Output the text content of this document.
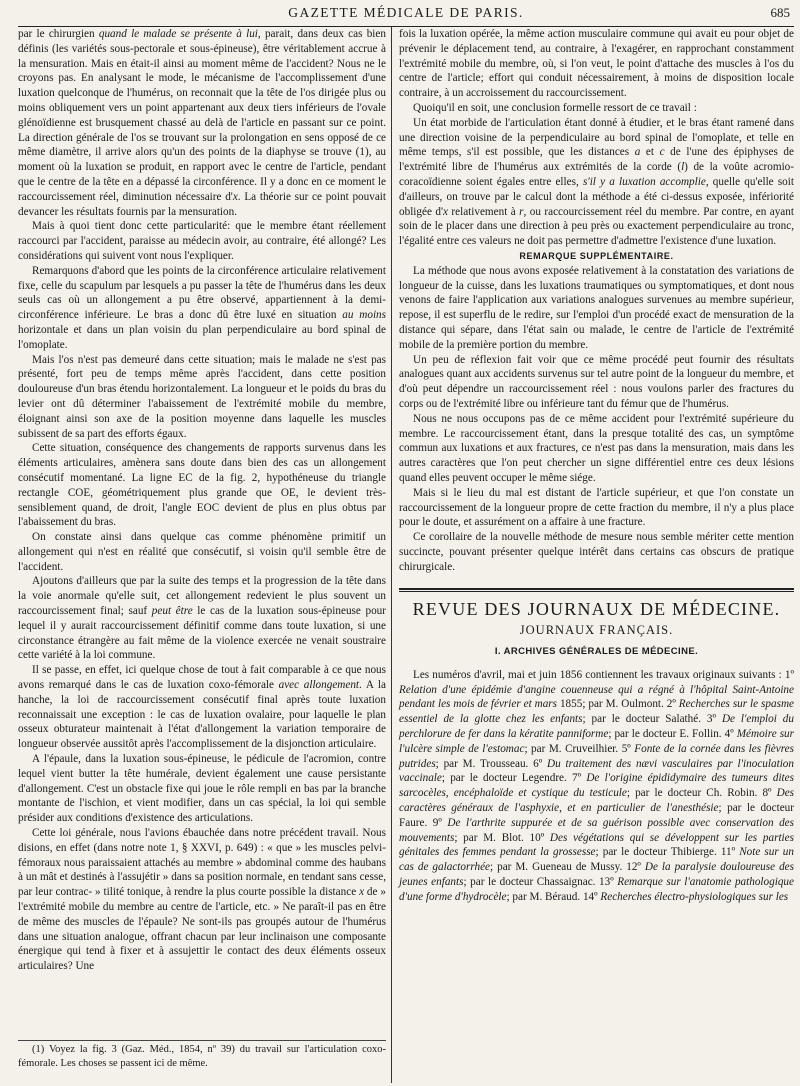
GAZETTE MÉDICALE DE PARIS.	685

par le chirurgien quand le malade se présente à lui, parait, dans deux cas bien définis (les variétés sous-pectorale et sous-épineuse), être véritablement accrue à la mensuration. Mais en était-il ainsi au moment même de l'accident? Nous ne le croyons pas. En analysant le mode, le mécanisme de l'accomplissement d'une luxation quelconque de l'humérus, on reconnait que la tête de l'os dirigée plus ou moins obliquement vers un point appartenant aux deux tiers inférieurs de l'ovale glénoïdienne est brusquement chassé au delà de l'article en passant sur ce point. La direction générale de l'os se trouvant sur la prolongation en sens opposé de ce même diamètre, il arrive alors qu'un des points de la diaphyse se trouve (1), au moment où la luxation se produit, en rapport avec le centre de l'article, pendant que le centre de la tête en a dépassé la circonférence. Il y a donc en ce moment le raccourcissement réel, diminution nécessaire d'x. La théorie sur ce point pouvait devancer les résultats fournis par la mensuration.

Mais à quoi tient donc cette particularité: que le membre étant réellement raccourci par l'accident, paraisse au médecin avoir, au contraire, été allongé? Les considérations qui suivent vont nous l'expliquer.

Remarquons d'abord que les points de la circonférence articulaire relativement fixe, celle du scapulum par lesquels a pu passer la tête de l'humérus dans les deux seuls cas où un allongement a pu être observé, appartiennent à la demi-circonférence inférieure. Le bras a donc dû être luxé en situation au moins horizontale et dans un plan voisin du plan perpendiculaire au bord spinal de l'omoplate.

Mais l'os n'est pas demeuré dans cette situation; mais le malade ne s'est pas présenté, fort peu de temps même après l'accident, dans cette position douloureuse d'un bras étendu horizontalement. La longueur et le poids du bras du levier ont dû déterminer l'abaissement de l'extrémité mobile du membre, éloignant ainsi son axe de la position moyenne dans laquelle les muscles subissent de sa part des efforts égaux.

Cette situation, conséquence des changements de rapports survenus dans les éléments articulaires, amènera sans doute dans bien des cas un allongement consécutif momentané. La ligne EC de la fig. 2, hypothéneuse du triangle rectangle COE, géométriquement plus grande que OE, le devient très-sensiblement quand, de droit, l'angle EOC devient de plus en plus obtus par l'abaissement du bras.

On constate ainsi dans quelque cas comme phénomène primitif un allongement qui n'est en réalité que consécutif, si voisin qu'il semble être de l'accident.

Ajoutons d'ailleurs que par la suite des temps et la progression de la tête dans la voie anormale qu'elle suit, cet allongement redevient le plus souvent un raccourcissement final; sauf peut être le cas de la luxation sous-épineuse pour lequel il y aurait raccourcissement définitif comme dans toute luxation, si une circonstance étrangère au fait même de la violence exercée ne venait soustraire cette variété à la loi commune.

Il se passe, en effet, ici quelque chose de tout à fait comparable à ce que nous avons remarqué dans le cas de luxation coxo-fémorale avec allongement. A la hanche, la loi de raccourcissement consécutif final après toute luxation reconnaissait une exception : le cas de luxation ovalaire, pour laquelle le plan osseux obturateur maintenait à l'état d'allongement la variation temporaire de longueur observée aussitôt après l'accomplissement de la disjonction articulaire.

A l'épaule, dans la luxation sous-épineuse, le pédicule de l'acromion, contre lequel vient butter la tête humérale, devient également une cause persistante d'allongement. C'est un obstacle fixe qui joue le rôle rempli en bas par la branche montante de l'ischion, et vient modifier, dans un cas spécial, la loi qui semble présider aux conditions d'existence des articulations.

Cette loi générale, nous l'avions ébauchée dans notre précédent travail. Nous disions, en effet (dans notre note 1, § XXVI, p. 649) : « que » les muscles pelvi-fémoraux nous paraissaient attachés au membre » abdominal comme des haubans à un mât et destinés à l'assujétir » dans sa position normale, en tendant sans cesse, par leur contrac- » tilité tonique, à rendre la plus courte possible la distance x de » l'extrémité mobile du membre au centre de l'article, etc. » Ne paraît-il pas en être de même des muscles de l'épaule? Ne sont-ils pas groupés autour de l'humérus dans une situation analogue, offrant chacun par leur inclinaison une composante énergique qui tend à fixer et à assujettir le contact des deux éléments osseux articulaires? Une

(1) Voyez la fig. 3 (Gaz. Méd., 1854, nº 39) du travail sur l'articulation coxo-fémorale. Les choses se passent ici de même.

fois la luxation opérée, la même action musculaire commune qui avait eu pour objet de prévenir le déplacement tend, au contraire, à l'exagérer, en rapprochant constamment l'extrémité mobile du membre, où, si l'on veut, le point d'attache des muscles à l'os du centre de l'article; effort qui conduit nécessairement, à moins de disposition locale contraire, à un accroissement du raccourcissement.

Quoiqu'il en soit, une conclusion formelle ressort de ce travail :

Un état morbide de l'articulation étant donné à étudier, et le bras étant ramené dans une direction voisine de la perpendiculaire au bord spinal de l'omoplate, et telle en même temps, s'il est possible, que les distances a et c de l'une des épiphyses de l'extrémité libre de l'humérus aux extrémités de la corde (l) de la voûte acromio-coracoïdienne soient égales entre elles, s'il y a luxation accomplie, quelle qu'elle soit d'ailleurs, on trouve par le calcul dont la méthode a été ci-dessus exposée, infériorité obligée d'x relativement à r, ou raccourcissement réel du membre. Par contre, en ayant soin de le placer dans une direction à peu près ou exactement perpendiculaire au tronc, l'égalité entre ces valeurs ne doit pas permettre d'admettre l'existence d'une luxation.

REMARQUE SUPPLÉMENTAIRE.

La méthode que nous avons exposée relativement à la constatation des variations de longueur de la cuisse, dans les luxations traumatiques ou symptomatiques, et dont nous venons de faire l'application aux variations analogues survenues au membre supérieur, repose, il est superflu de le redire, sur l'emploi d'un procédé exact de mensuration de la distance qui sépare, dans l'état sain ou malade, le centre de l'article de l'extrémité mobile de la première portion du membre.

Un peu de réflexion fait voir que ce même procédé peut fournir des résultats analogues quant aux accidents survenus sur tel autre point de la longueur du membre, et d'où peut dépendre un raccourcissement réel : nous voulons parler des fractures du corps ou de l'extrémité libre ou inférieure tant du fémur que de l'humérus.

Nous ne nous occupons pas de ce même accident pour l'extrémité supérieure du membre. Le raccourcissement étant, dans la presque totalité des cas, un symptôme commun aux luxations et aux fractures, ce n'est pas dans la mensuration, mais dans les autres caractères que l'on peut chercher un signe différentiel entre ces deux lésions quand elles peuvent occuper le même siége.

Mais si le lieu du mal est distant de l'article supérieur, et que l'on constate un raccourcissement de la longueur propre de cette fraction du membre, il n'y a plus place pour le doute, et assurément on a affaire à une fracture.

Ce corollaire de la nouvelle méthode de mesure nous semble mériter cette mention succincte, pouvant présenter quelque intérêt dans certains cas obscurs de pratique chirurgicale.

REVUE DES JOURNAUX DE MÉDECINE.
JOURNAUX FRANÇAIS.
I. ARCHIVES GÉNÉRALES DE MÉDECINE.

Les numéros d'avril, mai et juin 1856 contiennent les travaux originaux suivants : 1º Relation d'une épidémie d'angine couenneuse qui a régné à l'hôpital Saint-Antoine pendant les mois de février et mars 1855; par M. Oulmont. 2º Recherches sur le spasme essentiel de la glotte chez les enfants; par le docteur Salathé. 3º De l'emploi du perchlorure de fer dans la kératite panniforme; par le docteur E. Follin. 4º Mémoire sur l'ulcère simple de l'estomac; par M. Cruveilhier. 5º Fonte de la cornée dans les fièvres putrides; par M. Trousseau. 6º Du traitement des nævi vasculaires par l'inoculation vaccinale; par le docteur Legendre. 7º De l'origine épididymaire des tumeurs dites sarcocèles, encéphaloïde et cystique du testicule; par le docteur Ch. Robin. 8º Des caractères généraux de l'asphyxie, et en particulier de l'anesthésie; par le docteur Faure. 9º De l'arthrite suppurée et de sa guérison possible avec conservation des mouvements; par M. Blot. 10º Des végétations qui se développent sur les parties génitales des femmes pendant la grossesse; par le docteur Thibierge. 11º Note sur un cas de galactorrhée; par M. Gueneau de Mussy. 12º De la paralysie douloureuse des jeunes enfants; par le docteur Chassaignac. 13º Remarque sur l'anatomie pathologique d'une forme d'hydrocèle; par M. Béraud. 14º Recherches électro-physiologiques sur les
